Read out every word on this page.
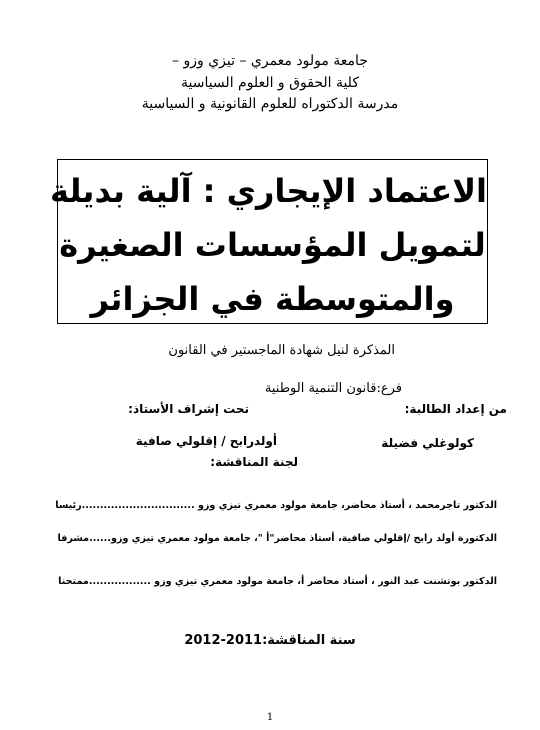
جامعة مولود معمري – تيزي وزو –
كلية الحقوق و العلوم السياسية
مدرسة الدكتوراه للعلوم القانونية و السياسية
الاعتماد الإيجاري : آلية بديلة
لتمويل المؤسسات الصغيرة
والمتوسطة في الجزائر
المذكرة لنيل شهادة الماجستير في القانون
فرع:قانون التنمية الوطنية
من إعداد الطالبة:
تحت إشراف الأستاذ:
كولوغلي فضيلة
أولدرابح / إقلولي صافية
لجنة المناقشة:
الدكتور تاجرمحمد ، أستاذ محاضر، جامعة مولود معمري تيزي وزو ...............................رئيسا
الدكتورة أولد رابح /إقلولي صافية، أستاذ محاضر"أ "، جامعة مولود معمري تيزي وزو......مشرفا
الدكتور بوتشنت عبد النور ، أستاذ محاضر أ، جامعة مولود معمري تيزي وزو .................ممتحنا
سنة المناقشة:2011-2012
1
